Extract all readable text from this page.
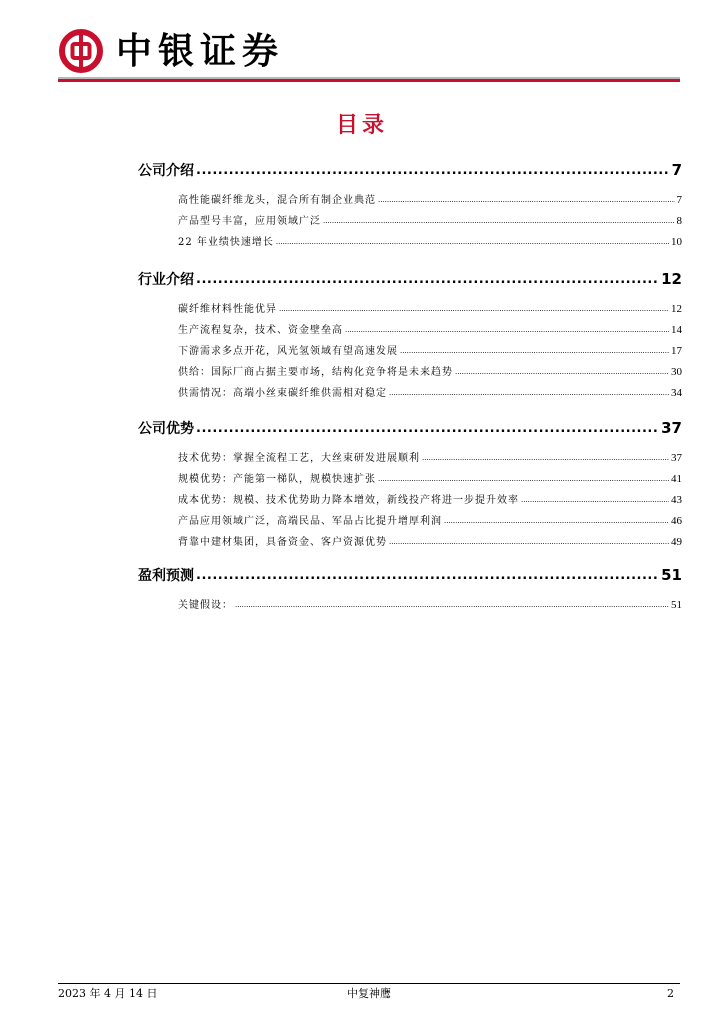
中银证券
目录
公司介绍 .....	7
高性能碳纤维龙头，混合所有制企业典范 .....	7
产品型号丰富，应用领域广泛 .....	8
22 年业绩快速增长 .....	10
行业介绍 .....	12
碳纤维材料性能优异 .....	12
生产流程复杂，技术、资金壁垒高 .....	14
下游需求多点开花，风光氢领域有望高速发展 .....	17
供给：国际厂商占据主要市场，结构化竞争将是未来趋势 .....	30
供需情况：高端小丝束碳纤维供需相对稳定 .....	34
公司优势 .....	37
技术优势：掌握全流程工艺，大丝束研发进展顺利 .....	37
规模优势：产能第一梯队，规模快速扩张 .....	41
成本优势：规模、技术优势助力降本增效，新线投产将进一步提升效率 .....	43
产品应用领域广泛，高端民品、军品占比提升增厚利润 .....	46
背靠中建材集团，具备资金、客户资源优势 .....	49
盈利预测 .....	51
关键假设： .....	51
2023 年 4 月 14 日	中复神鹰	2
